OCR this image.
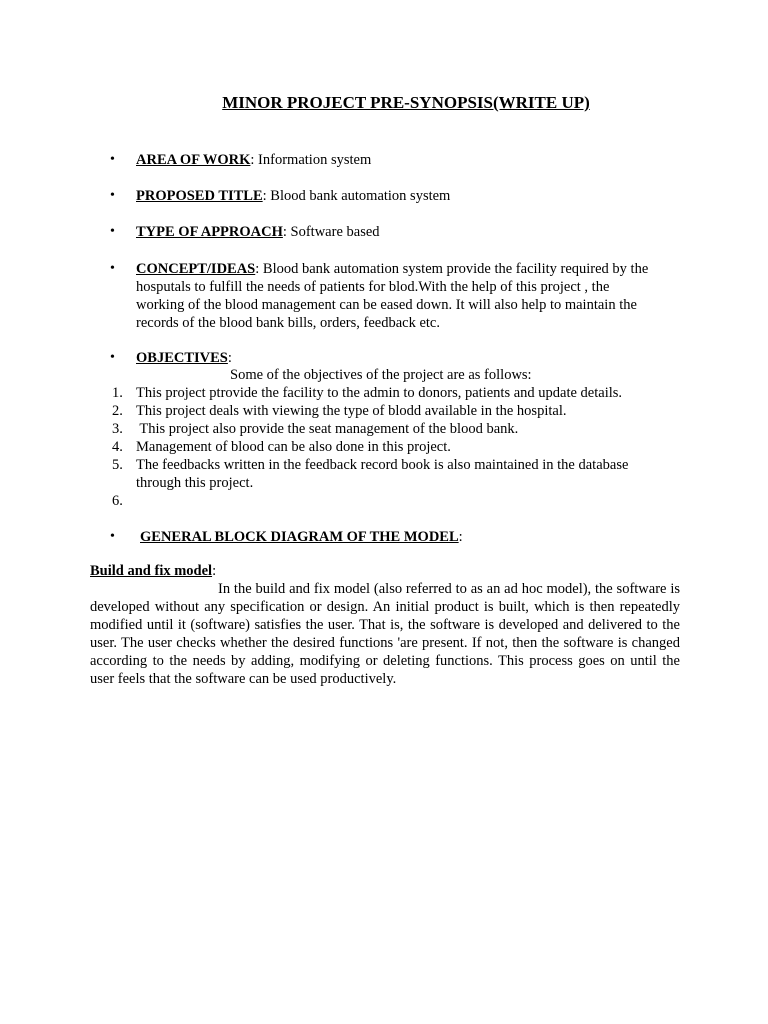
MINOR PROJECT PRE-SYNOPSIS(WRITE UP)
• AREA OF WORK: Information system
• PROPOSED TITLE: Blood bank automation system
• TYPE OF APPROACH: Software based
• CONCEPT/IDEAS: Blood bank automation system provide the facility required by the hosputals to fulfill the needs of patients for blod.With the help of this project , the working of the blood management can be eased down. It will also help to maintain the records of the blood bank bills, orders, feedback etc.
• OBJECTIVES:
Some of the objectives of the project are as follows:
1. This project ptrovide the facility to the admin to donors, patients and update details.
2. This project deals with viewing the type of blodd available in the hospital.
3. This project also provide the seat management of the blood bank.
4. Management of blood can be also done in this project.
5. The feedbacks written in the feedback record book is also maintained in the database through this project.
6.
• GENERAL BLOCK DIAGRAM OF THE MODEL:
Build and fix model:
In the build and fix model (also referred to as an ad hoc model), the software is developed without any specification or design. An initial product is built, which is then repeatedly modified until it (software) satisfies the user. That is, the software is developed and delivered to the user. The user checks whether the desired functions 'are present. If not, then the software is changed according to the needs by adding, modifying or deleting functions. This process goes on until the user feels that the software can be used productively.
